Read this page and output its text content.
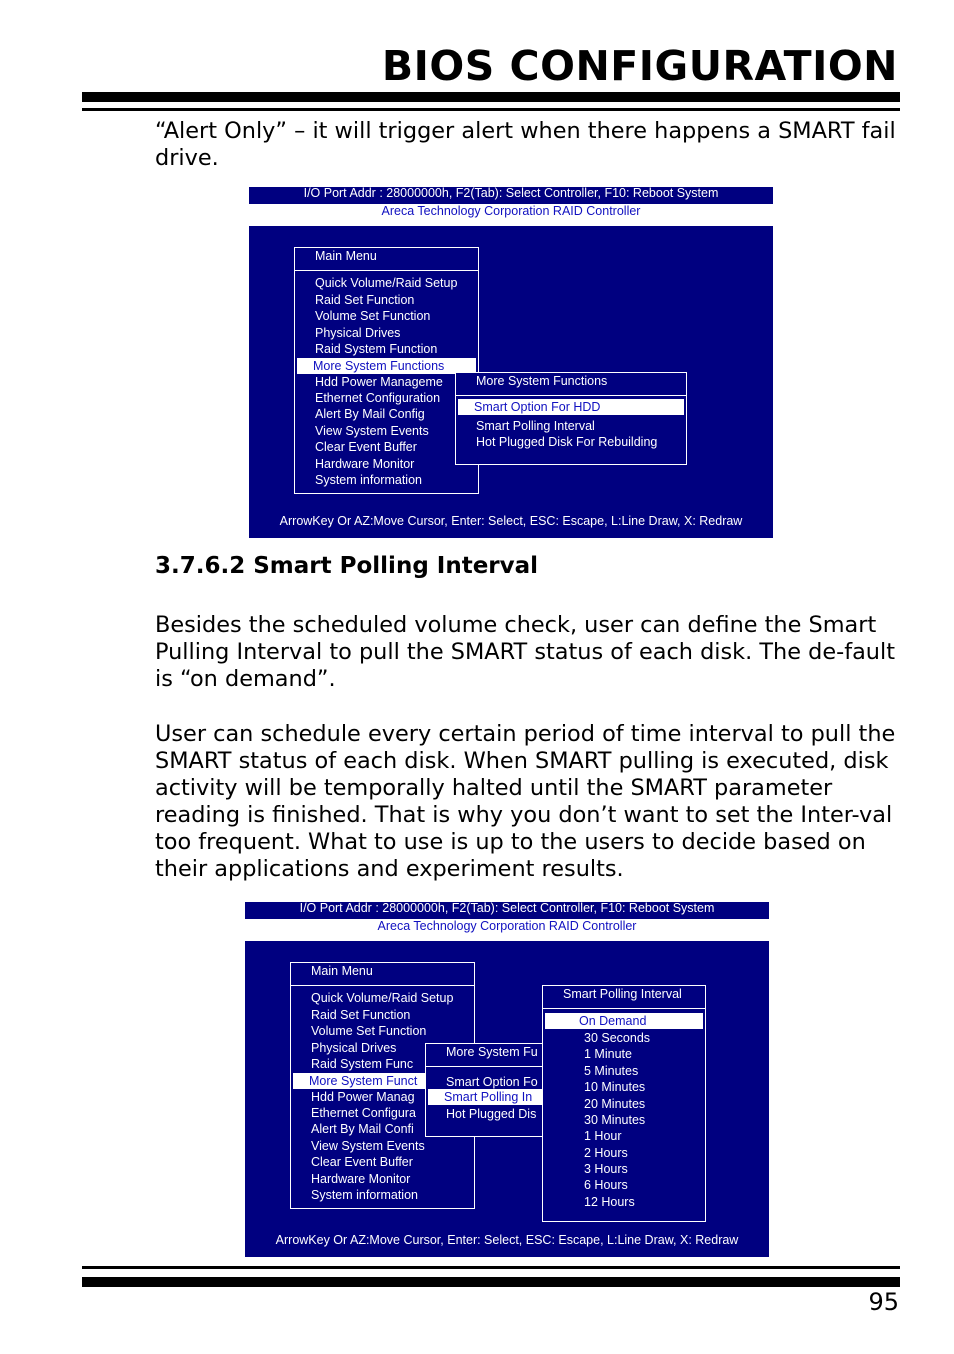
BIOS CONFIGURATION

“Alert Only” – it will trigger alert when there happens a SMART fail drive.

I/O Port Addr : 28000000h, F2(Tab): Select Controller, F10: Reboot System
Areca Technology Corporation RAID Controller
Main Menu
Quick Volume/Raid Setup
Raid Set Function
Volume Set Function
Physical Drives
Raid System Function
More System Functions
Hdd Power Manageme
Ethernet Configuration
Alert By Mail Config
View System Events
Clear Event Buffer
Hardware Monitor
System information
More System Functions
Smart Option For HDD
Smart Polling Interval
Hot Plugged Disk For Rebuilding
ArrowKey Or AZ:Move Cursor, Enter: Select, ESC: Escape, L:Line Draw, X: Redraw
3.7.6.2 Smart Polling Interval

Besides the scheduled volume check, user can define the Smart Pulling Interval to pull the SMART status of each disk. The de-fault is “on demand”.

User can schedule every certain period of time interval to pull the SMART status of each disk. When SMART pulling is executed, disk activity will be temporally halted until the SMART parameter reading is finished. That is why you don’t want to set the Inter-val too frequent. What to use is up to the users to decide based on their applications and experiment results.

I/O Port Addr : 28000000h, F2(Tab): Select Controller, F10: Reboot System
Areca Technology Corporation RAID Controller
Main Menu
Quick Volume/Raid Setup
Raid Set Function
Volume Set Function
Physical Drives
Raid System Func
More System Funct
Hdd Power Manag
Ethernet Configura
Alert By Mail Confi
View System Events
Clear Event Buffer
Hardware Monitor
System information
More System Fu
Smart Option Fo
Smart Polling In
Hot Plugged Dis
Smart Polling Interval
On Demand
30 Seconds
1 Minute
5 Minutes
10 Minutes
20 Minutes
30 Minutes
1 Hour
2 Hours
3 Hours
6 Hours
12 Hours
ArrowKey Or AZ:Move Cursor, Enter: Select, ESC: Escape, L:Line Draw, X: Redraw
95
